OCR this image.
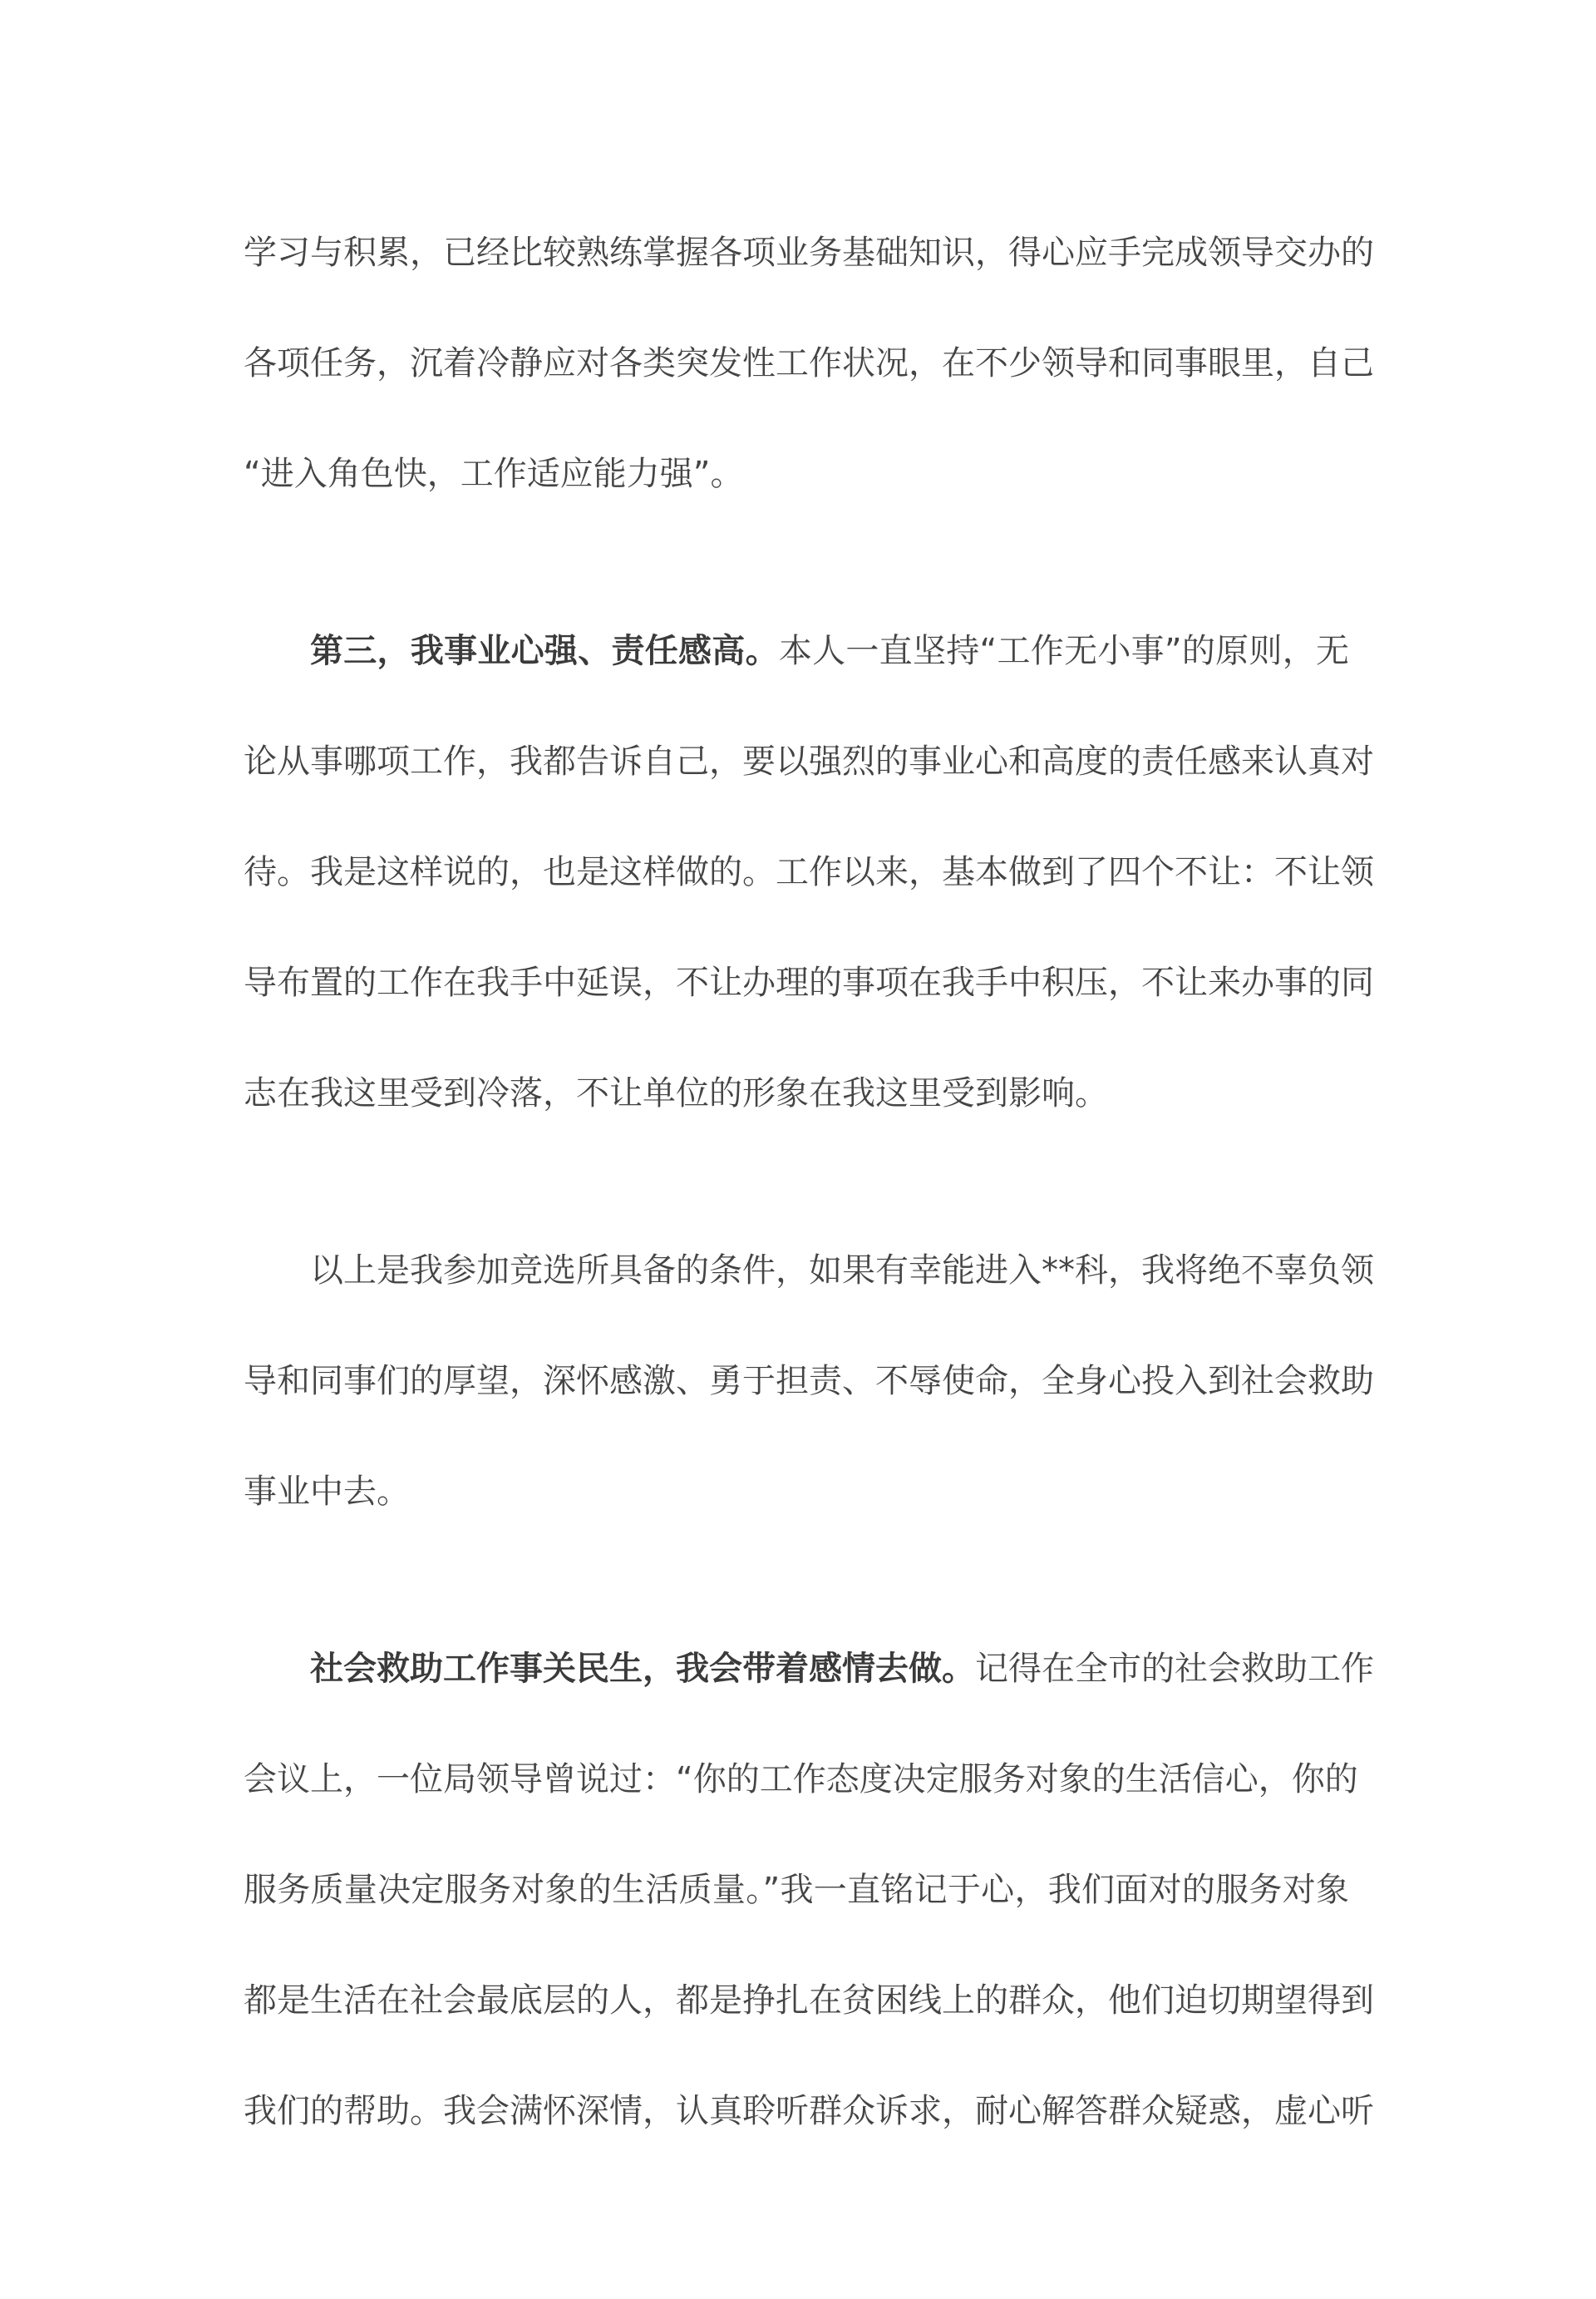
学习与积累，已经比较熟练掌握各项业务基础知识，得心应手完成领导交办的
各项任务，沉着冷静应对各类突发性工作状况，在不少领导和同事眼里，自己
“进入角色快，工作适应能力强”。
第三，我事业心强、责任感高。本人一直坚持“工作无小事”的原则，无
论从事哪项工作，我都告诉自己，要以强烈的事业心和高度的责任感来认真对
待。我是这样说的，也是这样做的。工作以来，基本做到了四个不让：不让领
导布置的工作在我手中延误，不让办理的事项在我手中积压，不让来办事的同
志在我这里受到冷落，不让单位的形象在我这里受到影响。
以上是我参加竞选所具备的条件，如果有幸能进入**科，我将绝不辜负领
导和同事们的厚望，深怀感激、勇于担责、不辱使命，全身心投入到社会救助
事业中去。
社会救助工作事关民生，我会带着感情去做。记得在全市的社会救助工作
会议上，一位局领导曾说过：“你的工作态度决定服务对象的生活信心，你的
服务质量决定服务对象的生活质量。”我一直铭记于心，我们面对的服务对象
都是生活在社会最底层的人，都是挣扎在贫困线上的群众，他们迫切期望得到
我们的帮助。我会满怀深情，认真聆听群众诉求，耐心解答群众疑惑，虚心听
